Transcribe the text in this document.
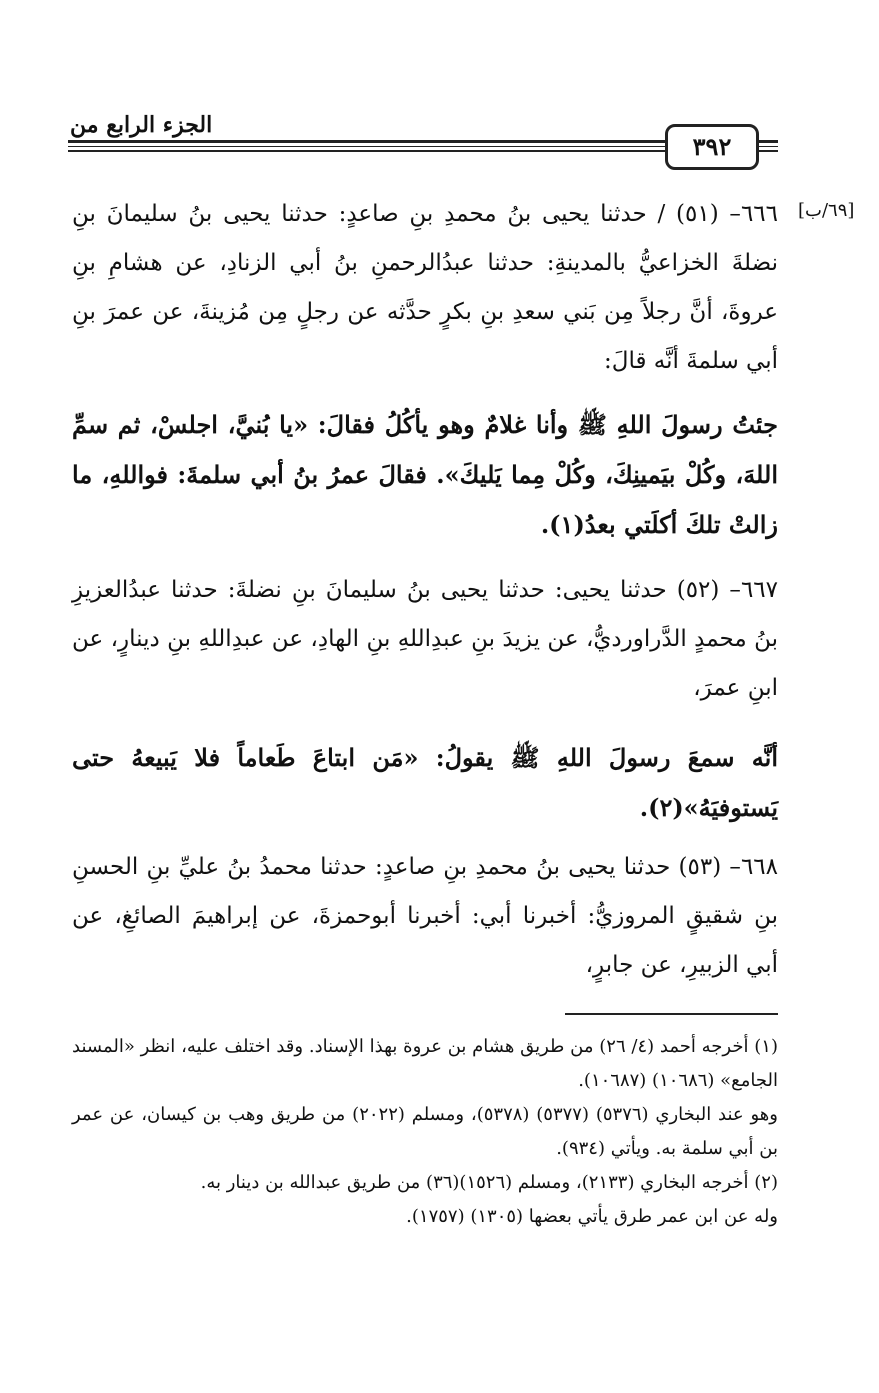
الجزء الرابع من
٣٩٢
[٦٩/ب]

٦٦٦– (٥١) / حدثنا يحيى بنُ محمدِ بنِ صاعدٍ: حدثنا يحيى بنُ سليمانَ بنِ نضلةَ الخزاعيُّ بالمدينةِ: حدثنا عبدُالرحمنِ بنُ أبي الزنادِ، عن هشامِ بنِ عروةَ، أنَّ رجلاً مِن بَني سعدِ بنِ بكرٍ حدَّثه عن رجلٍ مِن مُزينةَ، عن عمرَ بنِ أبي سلمةَ أنَّه قالَ:

جئتُ رسولَ اللهِ ﷺ وأنا غلامٌ وهو يأكُلُ فقالَ: «يا بُنيَّ، اجلسْ، ثم سمِّ اللهَ، وكُلْ بيَمينِكَ، وكُلْ مِما يَليكَ». فقالَ عمرُ بنُ أبي سلمةَ: فواللهِ، ما زالتْ تلكَ أكلَتي بعدُ(١).

٦٦٧– (٥٢) حدثنا يحيى: حدثنا يحيى بنُ سليمانَ بنِ نضلةَ: حدثنا عبدُالعزيزِ بنُ محمدٍ الدَّراورديُّ، عن يزيدَ بنِ عبدِاللهِ بنِ الهادِ، عن عبدِاللهِ بنِ دينارٍ، عن ابنِ عمرَ،

أنَّه سمعَ رسولَ اللهِ ﷺ يقولُ: «مَن ابتاعَ طَعاماً فلا يَبيعهُ حتى يَستوفيَهُ»(٢).

٦٦٨– (٥٣) حدثنا يحيى بنُ محمدِ بنِ صاعدٍ: حدثنا محمدُ بنُ عليِّ بنِ الحسنِ بنِ شقيقٍ المروزيُّ: أخبرنا أبي: أخبرنا أبوحمزةَ، عن إبراهيمَ الصائغِ، عن أبي الزبيرِ، عن جابرٍ،

(١) أخرجه أحمد (٤/ ٢٦) من طريق هشام بن عروة بهذا الإسناد. وقد اختلف عليه، انظر «المسند الجامع» (١٠٦٨٦) (١٠٦٨٧).

وهو عند البخاري (٥٣٧٦) (٥٣٧٧) (٥٣٧٨)، ومسلم (٢٠٢٢) من طريق وهب بن كيسان، عن عمر بن أبي سلمة به. ويأتي (٩٣٤).

(٢) أخرجه البخاري (٢١٣٣)، ومسلم (١٥٢٦)(٣٦) من طريق عبدالله بن دينار به.

وله عن ابن عمر طرق يأتي بعضها (١٣٠٥) (١٧٥٧).
